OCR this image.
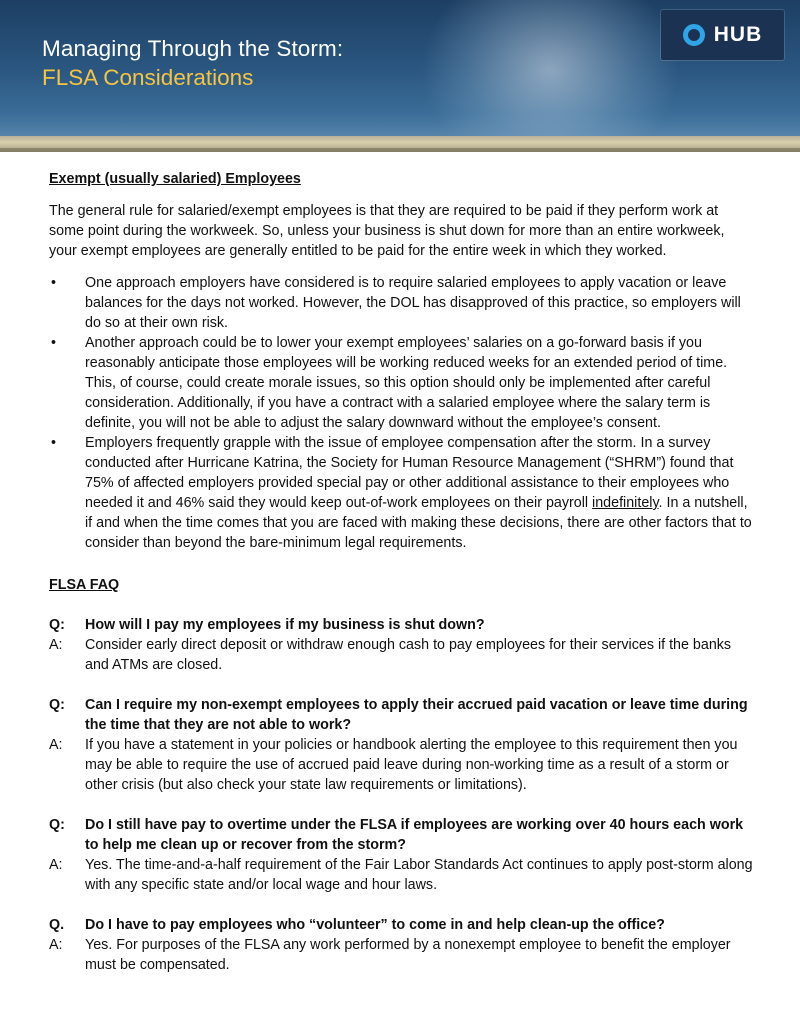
Managing Through the Storm:
FLSA Considerations
HUB
Exempt (usually salaried) Employees

The general rule for salaried/exempt employees is that they are required to be paid if they perform work at some point during the workweek. So, unless your business is shut down for more than an entire workweek, your exempt employees are generally entitled to be paid for the entire week in which they worked.

• One approach employers have considered is to require salaried employees to apply vacation or leave balances for the days not worked. However, the DOL has disapproved of this practice, so employers will do so at their own risk.
• Another approach could be to lower your exempt employees’ salaries on a go-forward basis if you reasonably anticipate those employees will be working reduced weeks for an extended period of time. This, of course, could create morale issues, so this option should only be implemented after careful consideration. Additionally, if you have a contract with a salaried employee where the salary term is definite, you will not be able to adjust the salary downward without the employee’s consent.
• Employers frequently grapple with the issue of employee compensation after the storm. In a survey conducted after Hurricane Katrina, the Society for Human Resource Management (“SHRM”) found that 75% of affected employers provided special pay or other additional assistance to their employees who needed it and 46% said they would keep out-of-work employees on their payroll indefinitely. In a nutshell, if and when the time comes that you are faced with making these decisions, there are other factors that to consider than beyond the bare-minimum legal requirements.
FLSA FAQ
Q: How will I pay my employees if my business is shut down?
A: Consider early direct deposit or withdraw enough cash to pay employees for their services if the banks and ATMs are closed.
Q: Can I require my non-exempt employees to apply their accrued paid vacation or leave time during the time that they are not able to work?
A: If you have a statement in your policies or handbook alerting the employee to this requirement then you may be able to require the use of accrued paid leave during non-working time as a result of a storm or other crisis (but also check your state law requirements or limitations).
Q: Do I still have pay to overtime under the FLSA if employees are working over 40 hours each work to help me clean up or recover from the storm?
A: Yes. The time-and-a-half requirement of the Fair Labor Standards Act continues to apply post-storm along with any specific state and/or local wage and hour laws.
Q. Do I have to pay employees who “volunteer” to come in and help clean-up the office?
A: Yes. For purposes of the FLSA any work performed by a nonexempt employee to benefit the employer must be compensated.
